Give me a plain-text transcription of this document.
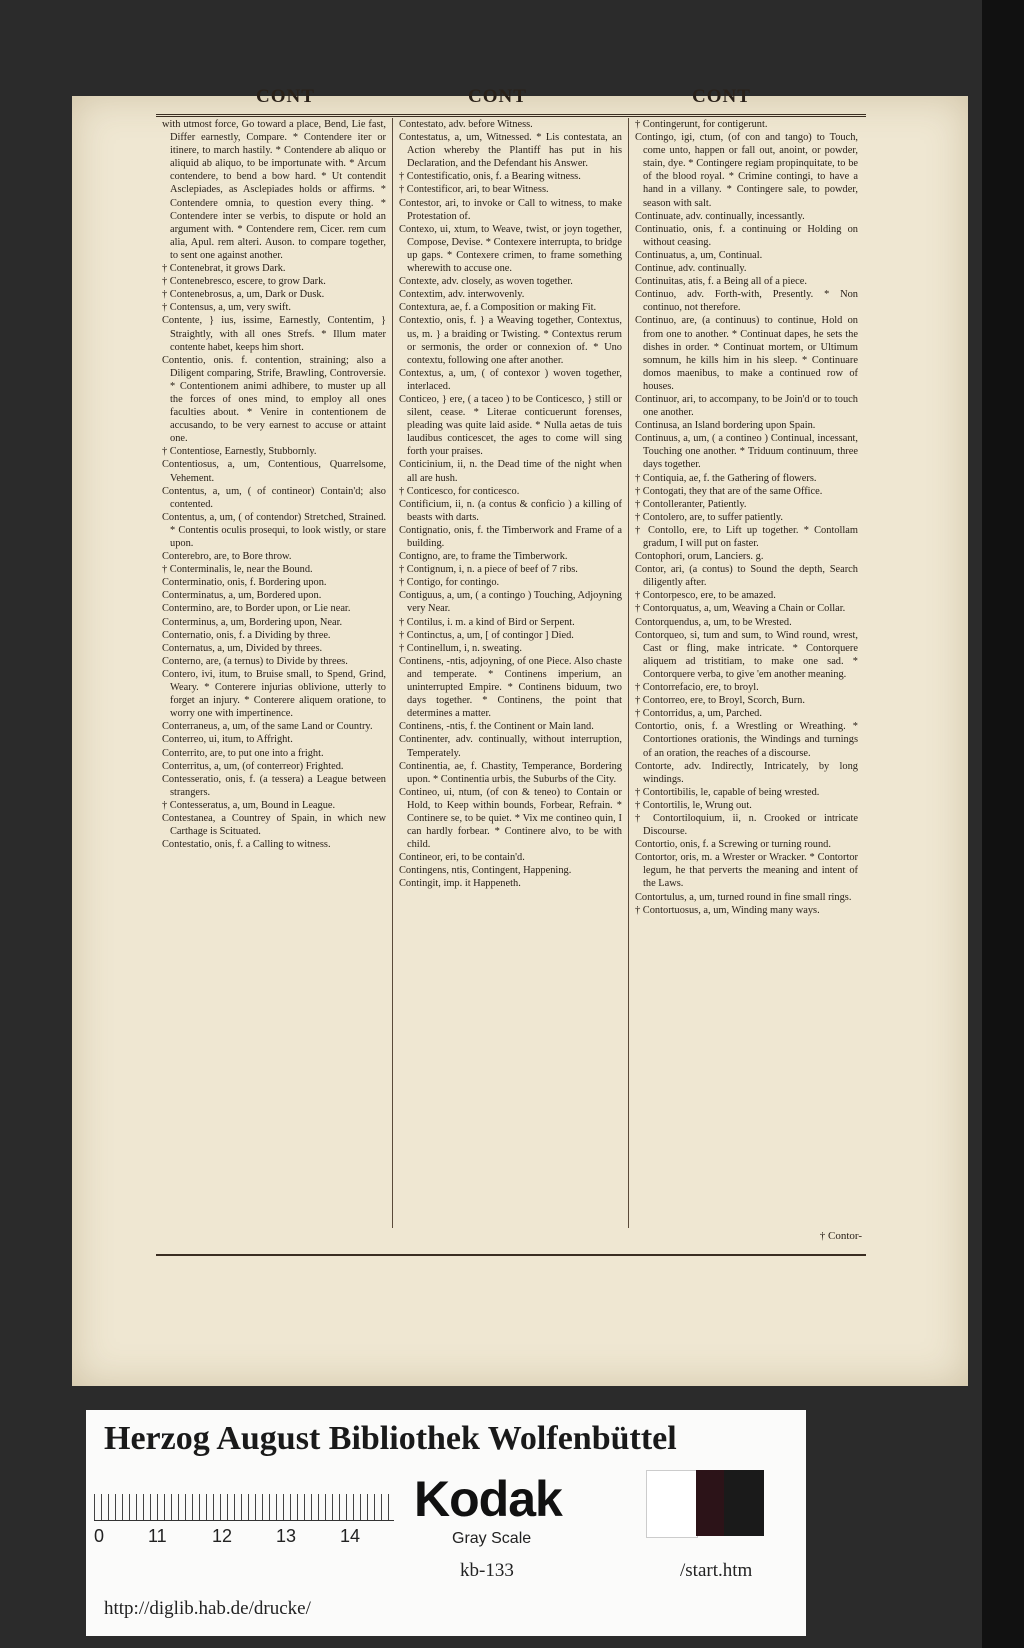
CONT	CONT	CONT

with utmost force, Go toward a place, Bend, Lie fast, Differ earnestly, Compare. * Contendere iter or itinere, to march hastily. * Contendere ab aliquo or aliquid ab aliquo, to be importunate with. * Arcum contendere, to bend a bow hard. * Ut contendit Asclepiades, as Asclepiades holds or affirms. * Contendere omnia, to question every thing. * Contendere inter se verbis, to dispute or hold an argument with. * Contendere rem, Cicer. rem cum alia, Apul. rem alteri. Auson. to compare together, to sent one against another.

† Contenebrat, it grows Dark.

† Contenebresco, escere, to grow Dark.

† Contenebrosus, a, um, Dark or Dusk.

† Contensus, a, um, very swift.

Contente, } ius, issime, Earnestly, Contentim, } Straightly, with all ones Strefs. * Illum mater contente habet, keeps him short.

Contentio, onis. f. contention, straining; also a Diligent comparing, Strife, Brawling, Controversie. * Contentionem animi adhibere, to muster up all the forces of ones mind, to employ all ones faculties about. * Venire in contentionem de accusando, to be very earnest to accuse or attaint one.

† Contentiose, Earnestly, Stubbornly.

Contentiosus, a, um, Contentious, Quarrelsome, Vehement.

Contentus, a, um, ( of contineor) Contain'd; also contented.

Contentus, a, um, ( of contendor) Stretched, Strained. * Contentis oculis prosequi, to look wistly, or stare upon.

Conterebro, are, to Bore throw.

† Conterminalis, le, near the Bound.

Conterminatio, onis, f. Bordering upon.

Conterminatus, a, um, Bordered upon.

Contermino, are, to Border upon, or Lie near.

Conterminus, a, um, Bordering upon, Near.

Conternatio, onis, f. a Dividing by three.

Conternatus, a, um, Divided by threes.

Conterno, are, (a ternus) to Divide by threes.

Contero, ivi, itum, to Bruise small, to Spend, Grind, Weary. * Conterere injurias oblivione, utterly to forget an injury. * Conterere aliquem oratione, to worry one with impertinence.

Conterraneus, a, um, of the same Land or Country.

Conterreo, ui, itum, to Affright.

Conterrito, are, to put one into a fright.

Conterritus, a, um, (of conterreor) Frighted.

Contesseratio, onis, f. (a tessera) a League between strangers.

† Contesseratus, a, um, Bound in League.

Contestanea, a Countrey of Spain, in which new Carthage is Scituated.

Contestatio, onis, f. a Calling to witness.

Contestato, adv. before Witness.

Contestatus, a, um, Witnessed. * Lis contestata, an Action whereby the Plantiff has put in his Declaration, and the Defendant his Answer.

† Contestificatio, onis, f. a Bearing witness.

† Contestificor, ari, to bear Witness.

Contestor, ari, to invoke or Call to witness, to make Protestation of.

Contexo, ui, xtum, to Weave, twist, or joyn together, Compose, Devise. * Contexere interrupta, to bridge up gaps. * Contexere crimen, to frame something wherewith to accuse one.

Contexte, adv. closely, as woven together.

Contextim, adv. interwovenly.

Contextura, ae, f. a Composition or making Fit.

Contextio, onis, f. } a Weaving together, Contextus, us, m. } a braiding or Twisting. * Contextus rerum or sermonis, the order or connexion of. * Uno contextu, following one after another.

Contextus, a, um, ( of contexor ) woven together, interlaced.

Conticeo, } ere, ( a taceo ) to be Conticesco, } still or silent, cease. * Literae conticuerunt forenses, pleading was quite laid aside. * Nulla aetas de tuis laudibus conticescet, the ages to come will sing forth your praises.

Conticinium, ii, n. the Dead time of the night when all are hush.

† Conticesco, for conticesco.

Contificium, ii, n. (a contus & conficio ) a killing of beasts with darts.

Contignatio, onis, f. the Timberwork and Frame of a building.

Contigno, are, to frame the Timberwork.

† Contignum, i, n. a piece of beef of 7 ribs.

† Contigo, for contingo.

Contiguus, a, um, ( a contingo ) Touching, Adjoyning very Near.

† Contilus, i. m. a kind of Bird or Serpent.

† Continctus, a, um, [ of contingor ] Died.

† Continellum, i, n. sweating.

Continens, -ntis, adjoyning, of one Piece. Also chaste and temperate. * Continens imperium, an uninterrupted Empire. * Continens biduum, two days together. * Continens, the point that determines a matter.

Continens, -ntis, f. the Continent or Main land.

Continenter, adv. continually, without interruption, Temperately.

Continentia, ae, f. Chastity, Temperance, Bordering upon. * Continentia urbis, the Suburbs of the City.

Contineo, ui, ntum, (of con & teneo) to Contain or Hold, to Keep within bounds, Forbear, Refrain. * Continere se, to be quiet. * Vix me contineo quin, I can hardly forbear. * Continere alvo, to be with child.

Contineor, eri, to be contain'd.

Contingens, ntis, Contingent, Happening.

Contingit, imp. it Happeneth.

† Contingerunt, for contigerunt.

Contingo, igi, ctum, (of con and tango) to Touch, come unto, happen or fall out, anoint, or powder, stain, dye. * Contingere regiam propinquitate, to be of the blood royal. * Crimine contingi, to have a hand in a villany. * Contingere sale, to powder, season with salt.

Continuate, adv. continually, incessantly.

Continuatio, onis, f. a continuing or Holding on without ceasing.

Continuatus, a, um, Continual.

Continue, adv. continually.

Continuitas, atis, f. a Being all of a piece.

Continuo, adv. Forth-with, Presently. * Non continuo, not therefore.

Continuo, are, (a continuus) to continue, Hold on from one to another. * Continuat dapes, he sets the dishes in order. * Continuat mortem, or Ultimum somnum, he kills him in his sleep. * Continuare domos maenibus, to make a continued row of houses.

Continuor, ari, to accompany, to be Join'd or to touch one another.

Continusa, an Island bordering upon Spain.

Continuus, a, um, ( a contineo ) Continual, incessant, Touching one another. * Triduum continuum, three days together.

† Contiquia, ae, f. the Gathering of flowers.

† Contogati, they that are of the same Office.

† Contolleranter, Patiently.

† Contolero, are, to suffer patiently.

† Contollo, ere, to Lift up together. * Contollam gradum, I will put on faster.

Contophori, orum, Lanciers. g.

Contor, ari, (a contus) to Sound the depth, Search diligently after.

† Contorpesco, ere, to be amazed.

† Contorquatus, a, um, Weaving a Chain or Collar.

Contorquendus, a, um, to be Wrested.

Contorqueo, si, tum and sum, to Wind round, wrest, Cast or fling, make intricate. * Contorquere aliquem ad tristitiam, to make one sad. * Contorquere verba, to give 'em another meaning.

† Contorrefacio, ere, to broyl.

† Contorreo, ere, to Broyl, Scorch, Burn.

† Contorridus, a, um, Parched.

Contortio, onis, f. a Wrestling or Wreathing. * Contortiones orationis, the Windings and turnings of an oration, the reaches of a discourse.

Contorte, adv. Indirectly, Intricately, by long windings.

† Contortibilis, le, capable of being wrested.

† Contortilis, le, Wrung out.

† Contortiloquium, ii, n. Crooked or intricate Discourse.

Contortio, onis, f. a Screwing or turning round.

Contortor, oris, m. a Wrester or Wracker. * Contortor legum, he that perverts the meaning and intent of the Laws.

Contortulus, a, um, turned round in fine small rings.

† Contortuosus, a, um, Winding many ways.

† Contor-
Herzog August Bibliothek Wolfenbüttel
0 11	12 13 14
Kodak
Gray Scale
kb-133
http://diglib.hab.de/drucke/
/start.htm
